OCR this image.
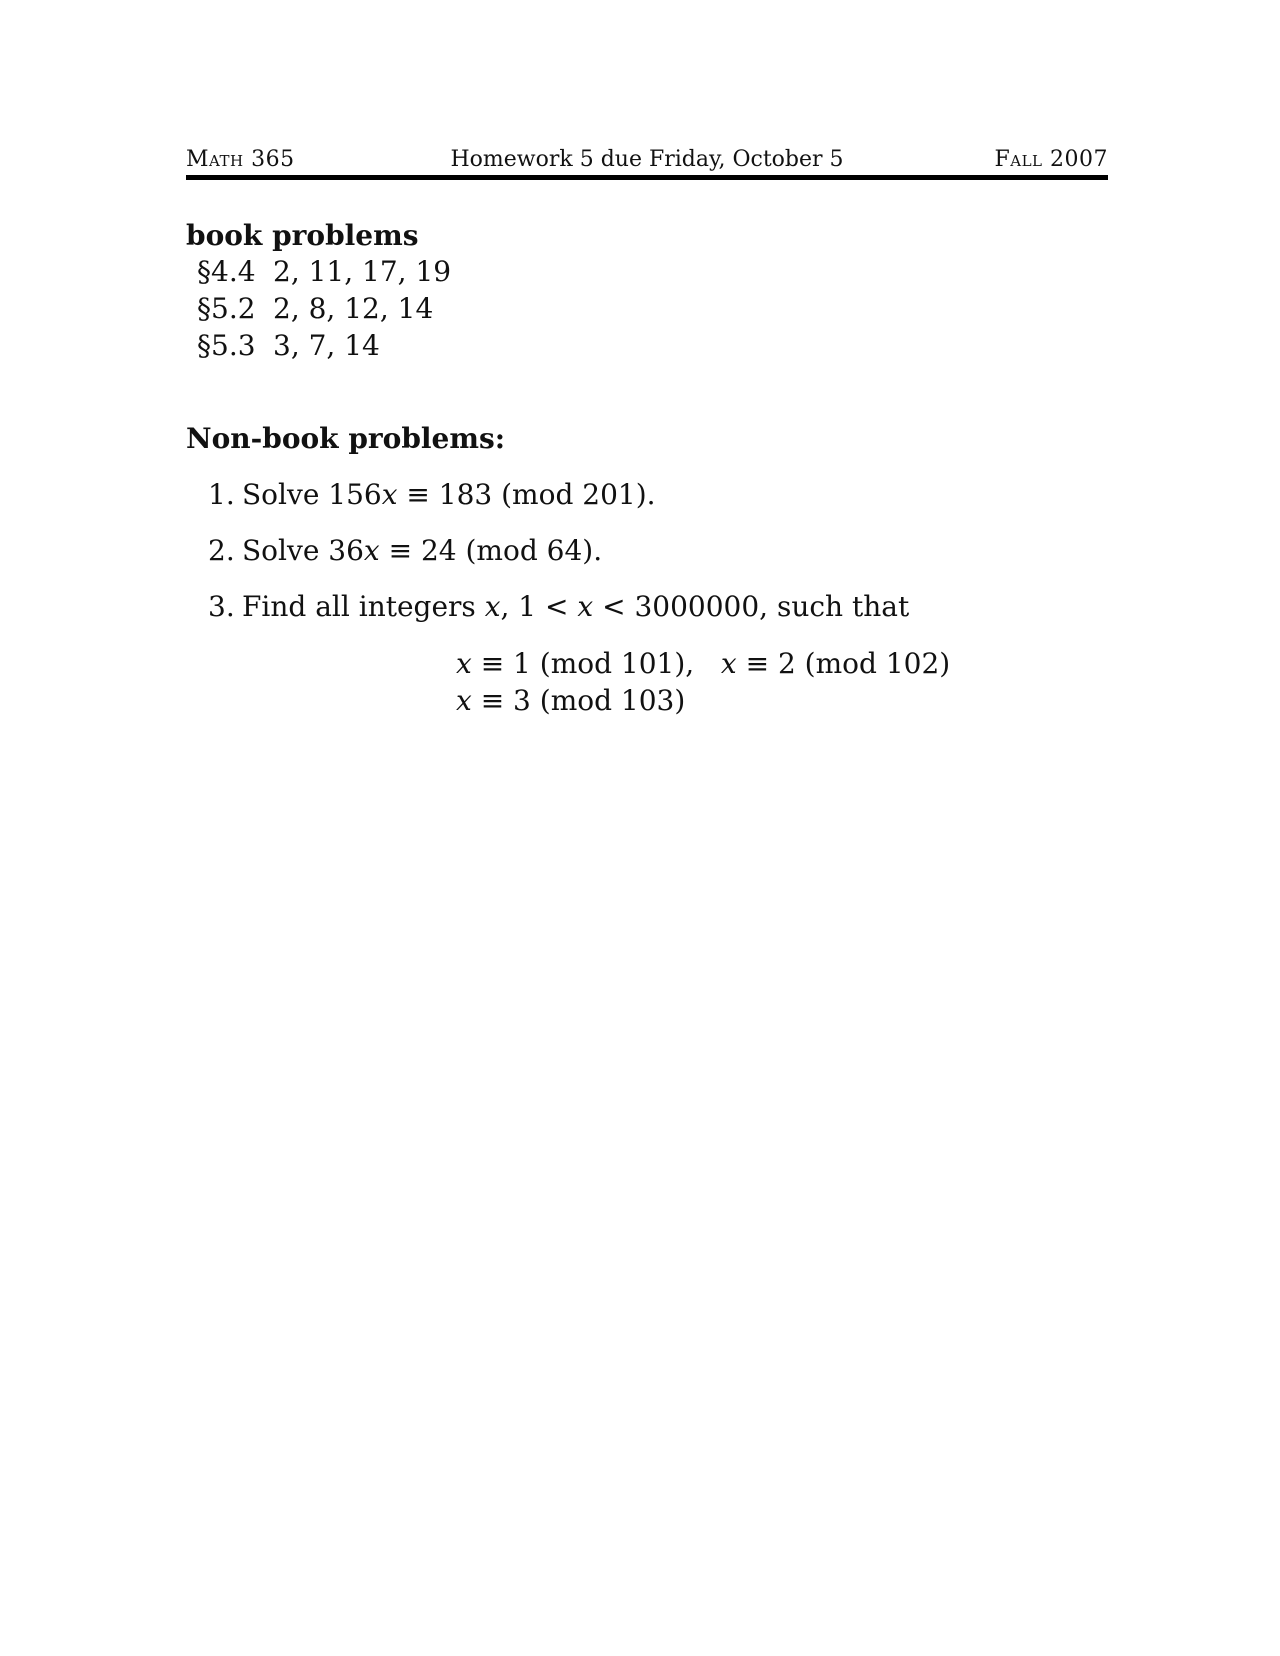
Math 365	Homework 5 due Friday, October 5	Fall 2007
book problems
§4.4 2, 11, 17, 19
§5.2 2, 8, 12, 14
§5.3 3, 7, 14
Non-book problems:
1. Solve 156x ≡ 183 (mod 201).
2. Solve 36x ≡ 24 (mod 64).
3. Find all integers x, 1 < x < 3000000, such that
x ≡ 1 (mod 101),   x ≡ 2 (mod 102)
x ≡ 3 (mod 103)
